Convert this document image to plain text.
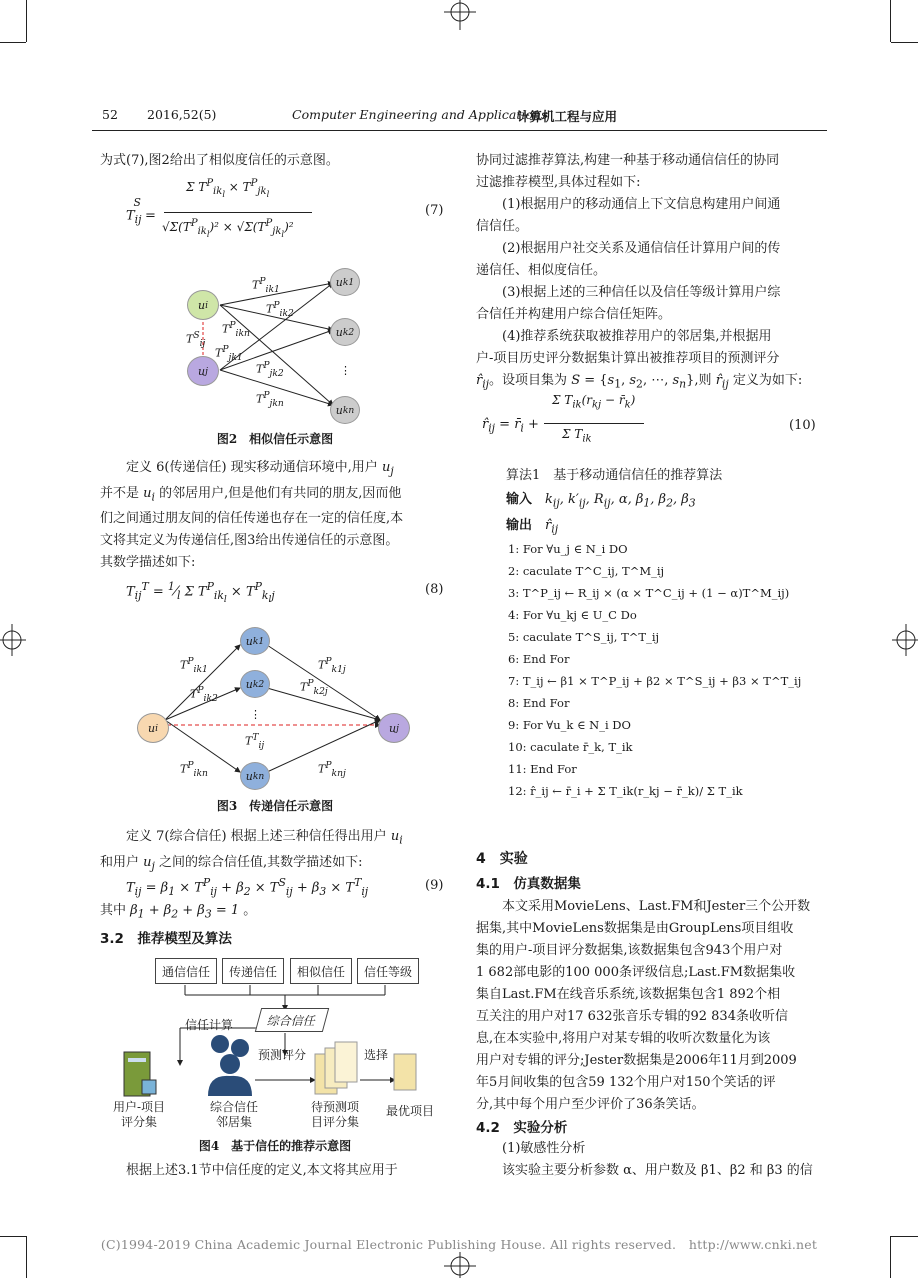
52 2016,52(5)	Computer Engineering and Applications
计算机工程与应用

为式(7),图2给出了相似度信任的示意图。

$T_{ij}^S$ =
Σ $T^P_{ik_l} \times T^P_{jk_l}$
$√\Sigma(T^P_{ik_l})^2 \times √\Sigma(T^P_{jk_l})^2$
(7)
u i
u j
u k1
u k2
u kn
⋮
$T^P_{ik1}$
$T^P_{ik2}$
$T^P_{ikn}$
$T^S_{ij}$
$T^P_{jk1}$
$T^P_{jk2}$
$T^P_{jkn}$
图2　相似信任示意图

定义 6(传递信任) 现实移动通信环境中,用户 $u_j$

并不是 $u_i$ 的邻居用户,但是他们有共同的朋友,因而他

们之间通过朋友间的信任传递也存在一定的信任度,本

文将其定义为传递信任,图3给出传递信任的示意图。

其数学描述如下:

$T_{ij}^T$ = $^1⁄_l$ Σ $T^P_{ik_l} \times T^P_{k_lj}$	(8)
u i	u j
u k1
u k2
u kn
⋮
$T^P_{ik1}$
$T^P_{ik2}$
$T^P_{ikn}$
$T^P_{k1j}$
$T^P_{k2j}$
$T^P_{knj}$
$T^T_{ij}$
图3　传递信任示意图

定义 7(综合信任) 根据上述三种信任得出用户 $u_i$

和用户 $u_j$ 之间的综合信任值,其数学描述如下:

$T_{ij} = \beta_1 \times T^P_{ij} + \beta_2 \times T^S_{ij} + \beta_3 \times T^T_{ij}$	(9)

其中 $\beta_1 + \beta_2 + \beta_3 = 1$ 。

3.2　推荐模型及算法
通信信任	传递信任	相似信任	信任等级
综合信任
信任计算
预测评分	选择
用户-项目
评分集
综合信任
邻居集
待预测项
目评分集
最优项目
图4　基于信任的推荐示意图

根据上述3.1节中信任度的定义,本文将其应用于

协同过滤推荐算法,构建一种基于移动通信信任的协同

过滤推荐模型,具体过程如下:

(1)根据用户的移动通信上下文信息构建用户间通

信信任。

(2)根据用户社交关系及通信信任计算用户间的传

递信任、相似度信任。

(3)根据上述的三种信任以及信任等级计算用户综

合信任并构建用户综合信任矩阵。

(4)推荐系统获取被推荐用户的邻居集,并根据用

户-项目历史评分数据集计算出被推荐项目的预测评分

$r̂_{ij}$。设项目集为 $S = \{s_1$, $s_2$, ⋯, $s_n$},则 $r̂_{ij}$ 定义为如下:

$r̂_{ij}$ = $r̄_i$ +
Σ $T_{ik}(r_{kj}$ − $r̄_k$)
Σ $T_{ik}$
(10)
算法1　基于移动通信信任的推荐算法
输入　 $k_{ij}$, $k'_{ij}$, $R_{ij}$, α, $\beta_1$, $\beta_2$, $\beta_3$
输出　 $r̂_{ij}$
1: For ∀u_j ∈ N_i DO
2: caculate T^C_ij, T^M_ij
3: T^P_ij ← R_ij × (α × T^C_ij + (1 − α)T^M_ij)
4: For ∀u_kj ∈ U_C Do
5: caculate T^S_ij, T^T_ij
6: End For
7: T_ij ← β1 × T^P_ij + β2 × T^S_ij + β3 × T^T_ij
8: End For
9: For ∀u_k ∈ N_i DO
10: caculate r̄_k, T_ik
11: End For
12: r̂_ij ← r̄_i + Σ T_ik(r_kj − r̄_k)/ Σ T_ik
4　实验
4.1　仿真数据集

本文采用MovieLens、Last.FM和Jester三个公开数

据集,其中MovieLens数据集是由GroupLens项目组收

集的用户-项目评分数据集,该数据集包含943个用户对

1 682部电影的100 000条评级信息;Last.FM数据集收

集自Last.FM在线音乐系统,该数据集包含1 892个相

互关注的用户对17 632张音乐专辑的92 834条收听信

息,在本实验中,将用户对某专辑的收听次数量化为该

用户对专辑的评分;Jester数据集是2006年11月到2009

年5月间收集的包含59 132个用户对150个笑话的评

分,其中每个用户至少评价了36条笑话。

4.2　实验分析

(1)敏感性分析

该实验主要分析参数 α、用户数及 β1、β2 和 β3 的信

(C)1994-2019 China Academic Journal Electronic Publishing House. All rights reserved.　http://www.cnki.net
